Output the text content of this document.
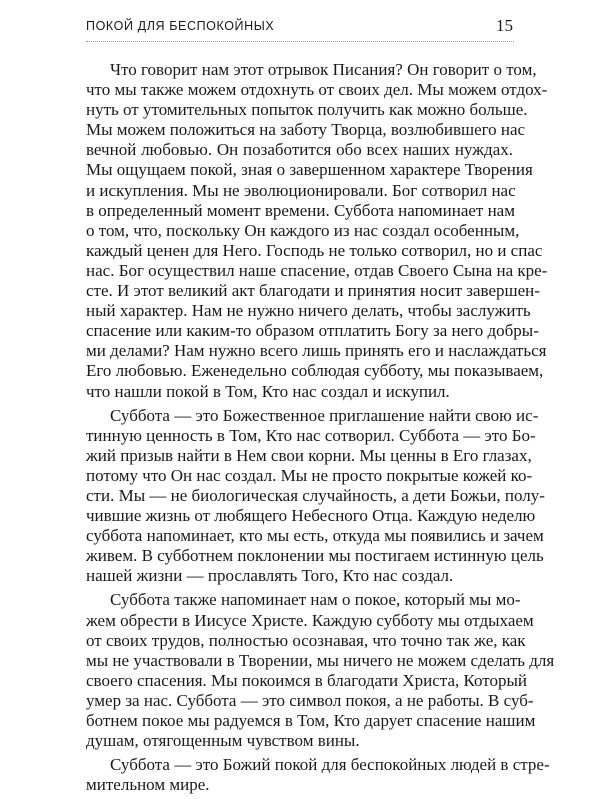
ПОКОЙ ДЛЯ БЕСПОКОЙНЫХ	15
Что говорит нам этот отрывок Писания? Он говорит о том,
что мы также можем отдохнуть от своих дел. Мы можем отдох-
нуть от утомительных попыток получить как можно больше.
Мы можем положиться на заботу Творца, возлюбившего нас
вечной любовью. Он позаботится обо всех наших нуждах.
Мы ощущаем покой, зная о завершенном характере Творения
и искупления. Мы не эволюционировали. Бог сотворил нас
в определенный момент времени. Суббота напоминает нам
о том, что, поскольку Он каждого из нас создал особенным,
каждый ценен для Него. Господь не только сотворил, но и спас
нас. Бог осуществил наше спасение, отдав Своего Сына на кре-
сте. И этот великий акт благодати и принятия носит завершен-
ный характер. Нам не нужно ничего делать, чтобы заслужить
спасение или каким-то образом отплатить Богу за него добры-
ми делами? Нам нужно всего лишь принять его и наслаждаться
Его любовью. Еженедельно соблюдая субботу, мы показываем,
что нашли покой в Том, Кто нас создал и искупил.
Суббота — это Божественное приглашение найти свою ис-
тинную ценность в Том, Кто нас сотворил. Суббота — это Бо-
жий призыв найти в Нем свои корни. Мы ценны в Его глазах,
потому что Он нас создал. Мы не просто покрытые кожей ко-
сти. Мы — не биологическая случайность, а дети Божьи, полу-
чившие жизнь от любящего Небесного Отца. Каждую неделю
суббота напоминает, кто мы есть, откуда мы появились и зачем
живем. В субботнем поклонении мы постигаем истинную цель
нашей жизни — прославлять Того, Кто нас создал.
Суббота также напоминает нам о покое, который мы мо-
жем обрести в Иисусе Христе. Каждую субботу мы отдыхаем
от своих трудов, полностью осознавая, что точно так же, как
мы не участвовали в Творении, мы ничего не можем сделать для
своего спасения. Мы покоимся в благодати Христа, Который
умер за нас. Суббота — это символ покоя, а не работы. В суб-
ботнем покое мы радуемся в Том, Кто дарует спасение нашим
душам, отягощенным чувством вины.
Суббота — это Божий покой для беспокойных людей в стре-
мительном мире.
